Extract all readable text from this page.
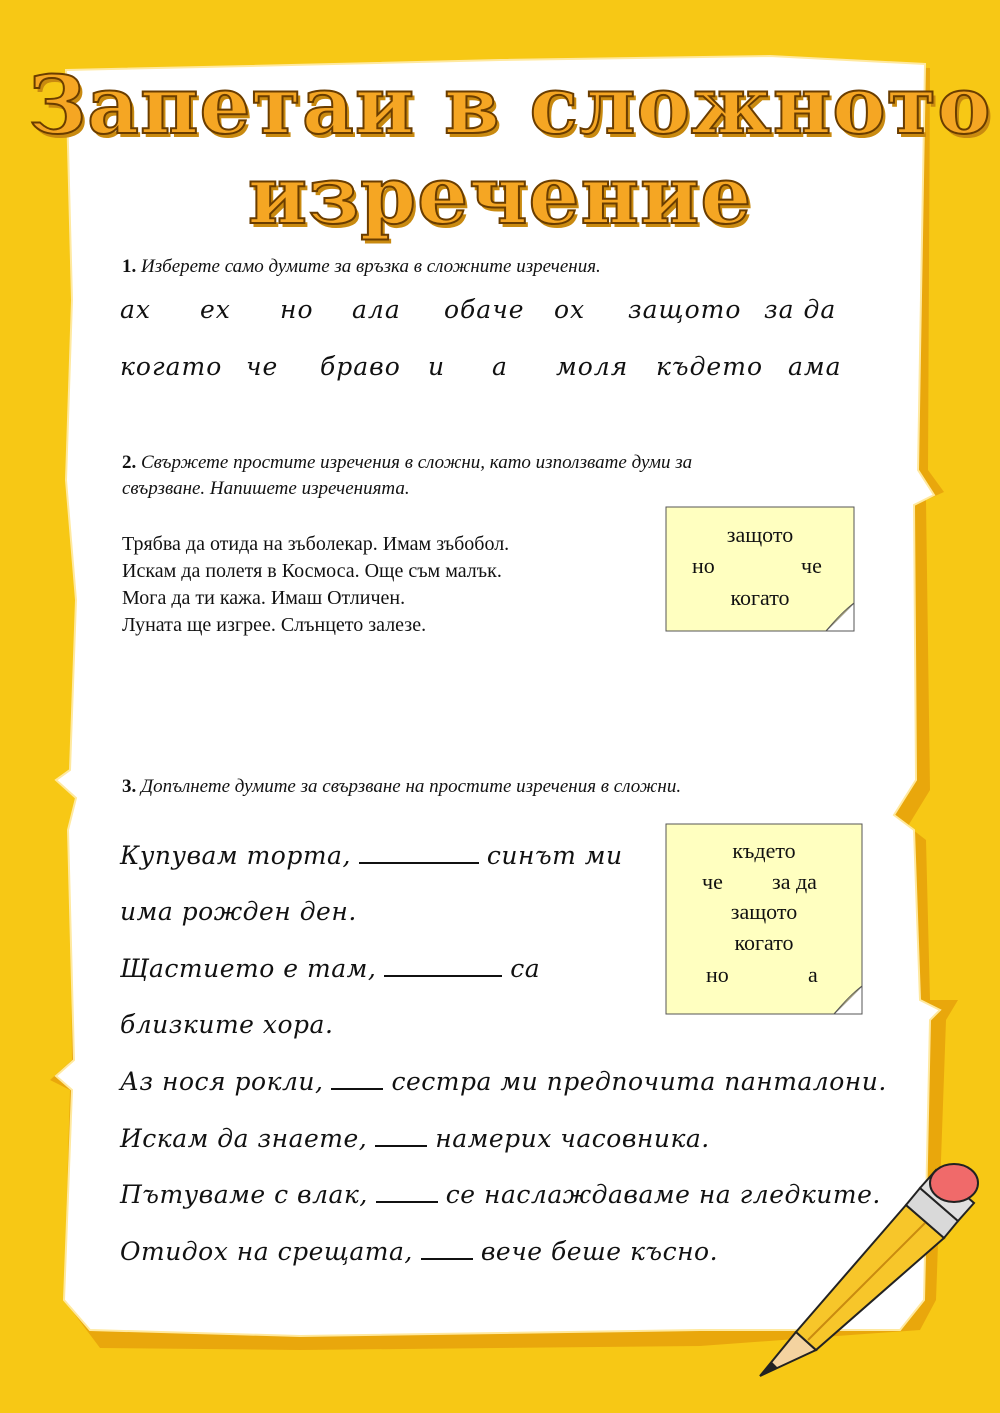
Запетаи в сложното
изречение
1. Изберете само думите за връзка в сложните изречения.
ах ех но ала обаче ох защото за да
когато че браво и а моля където ама
2. Свържете простите изречения в сложни, като използвате думи за
свързване. Напишете изреченията.
Трябва да отида на зъболекар. Имам зъбобол.
Искам да полетя в Космоса. Още съм малък.
Мога да ти кажа. Имаш Отличен.
Луната ще изгрее. Слънцето залезе.
защото
но	че
когато
3. Допълнете думите за свързване на простите изречения в сложни.
Купувам торта,	синът ми
има рожден ден.
Щастието е там,	са
близките хора.
Аз нося рокли,	сестра ми предпочита панталони.
Искам да знаете,	намерих часовника.
Пътуваме с влак,	се наслаждаваме на гледките.
Отидох на срещата,	вече беше късно.
където
че за да
защото
когато
но	а
